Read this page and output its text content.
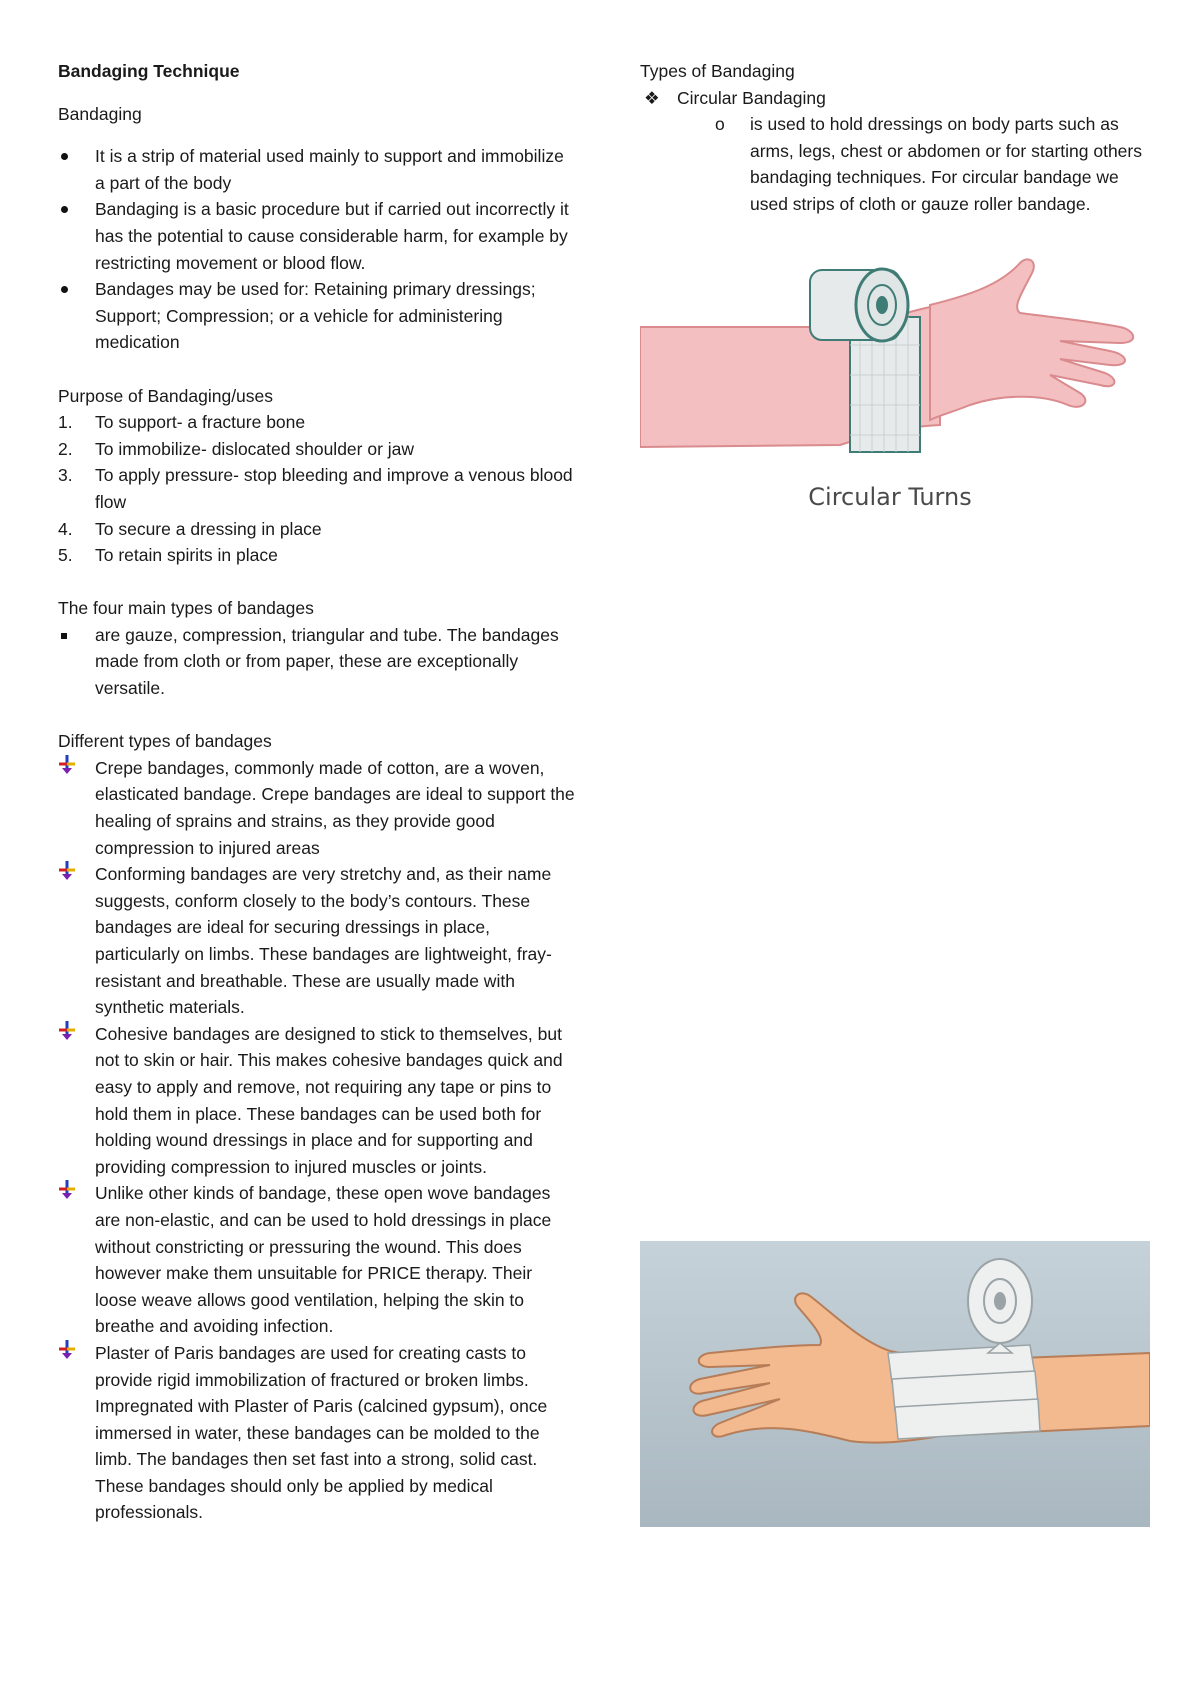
Bandaging Technique
Bandaging
It is a strip of material used mainly to support and immobilize a part of the body
Bandaging is a basic procedure but if carried out incorrectly it has the potential to cause considerable harm, for example by restricting movement or blood flow.
Bandages may be used for: Retaining primary dressings; Support; Compression; or a vehicle for administering medication
Purpose of Bandaging/uses
1.	To support- a fracture bone
2.	To immobilize- dislocated shoulder or jaw
3.	To apply pressure- stop bleeding and improve a venous blood flow
4.	To secure a dressing in place
5.	To retain spirits in place
The four main types of bandages
are gauze, compression, triangular and tube. The bandages made from cloth or from paper, these are exceptionally versatile.
Different types of bandages
Crepe bandages, commonly made of cotton, are a woven, elasticated bandage. Crepe bandages are ideal to support the healing of sprains and strains, as they provide good compression to injured areas
Conforming bandages are very stretchy and, as their name suggests, conform closely to the body’s contours. These bandages are ideal for securing dressings in place, particularly on limbs. These bandages are lightweight, fray-resistant and breathable. These are usually made with synthetic materials.
Cohesive bandages are designed to stick to themselves, but not to skin or hair. This makes cohesive bandages quick and easy to apply and remove, not requiring any tape or pins to hold them in place. These bandages can be used both for holding wound dressings in place and for supporting and providing compression to injured muscles or joints.
Unlike other kinds of bandage, these open wove bandages are non-elastic, and can be used to hold dressings in place without constricting or pressuring the wound. This does however make them unsuitable for PRICE therapy. Their loose weave allows good ventilation, helping the skin to breathe and avoiding infection.
Plaster of Paris bandages are used for creating casts to provide rigid immobilization of fractured or broken limbs. Impregnated with Plaster of Paris (calcined gypsum), once immersed in water, these bandages can be molded to the limb. The bandages then set fast into a strong, solid cast. These bandages should only be applied by medical professionals.
Types of Bandaging
❖ Circular Bandaging
o	is used to hold dressings on body parts such as arms, legs, chest or abdomen or for starting others bandaging techniques. For circular bandage we used strips of cloth or gauze roller bandage.
Circular Turns
